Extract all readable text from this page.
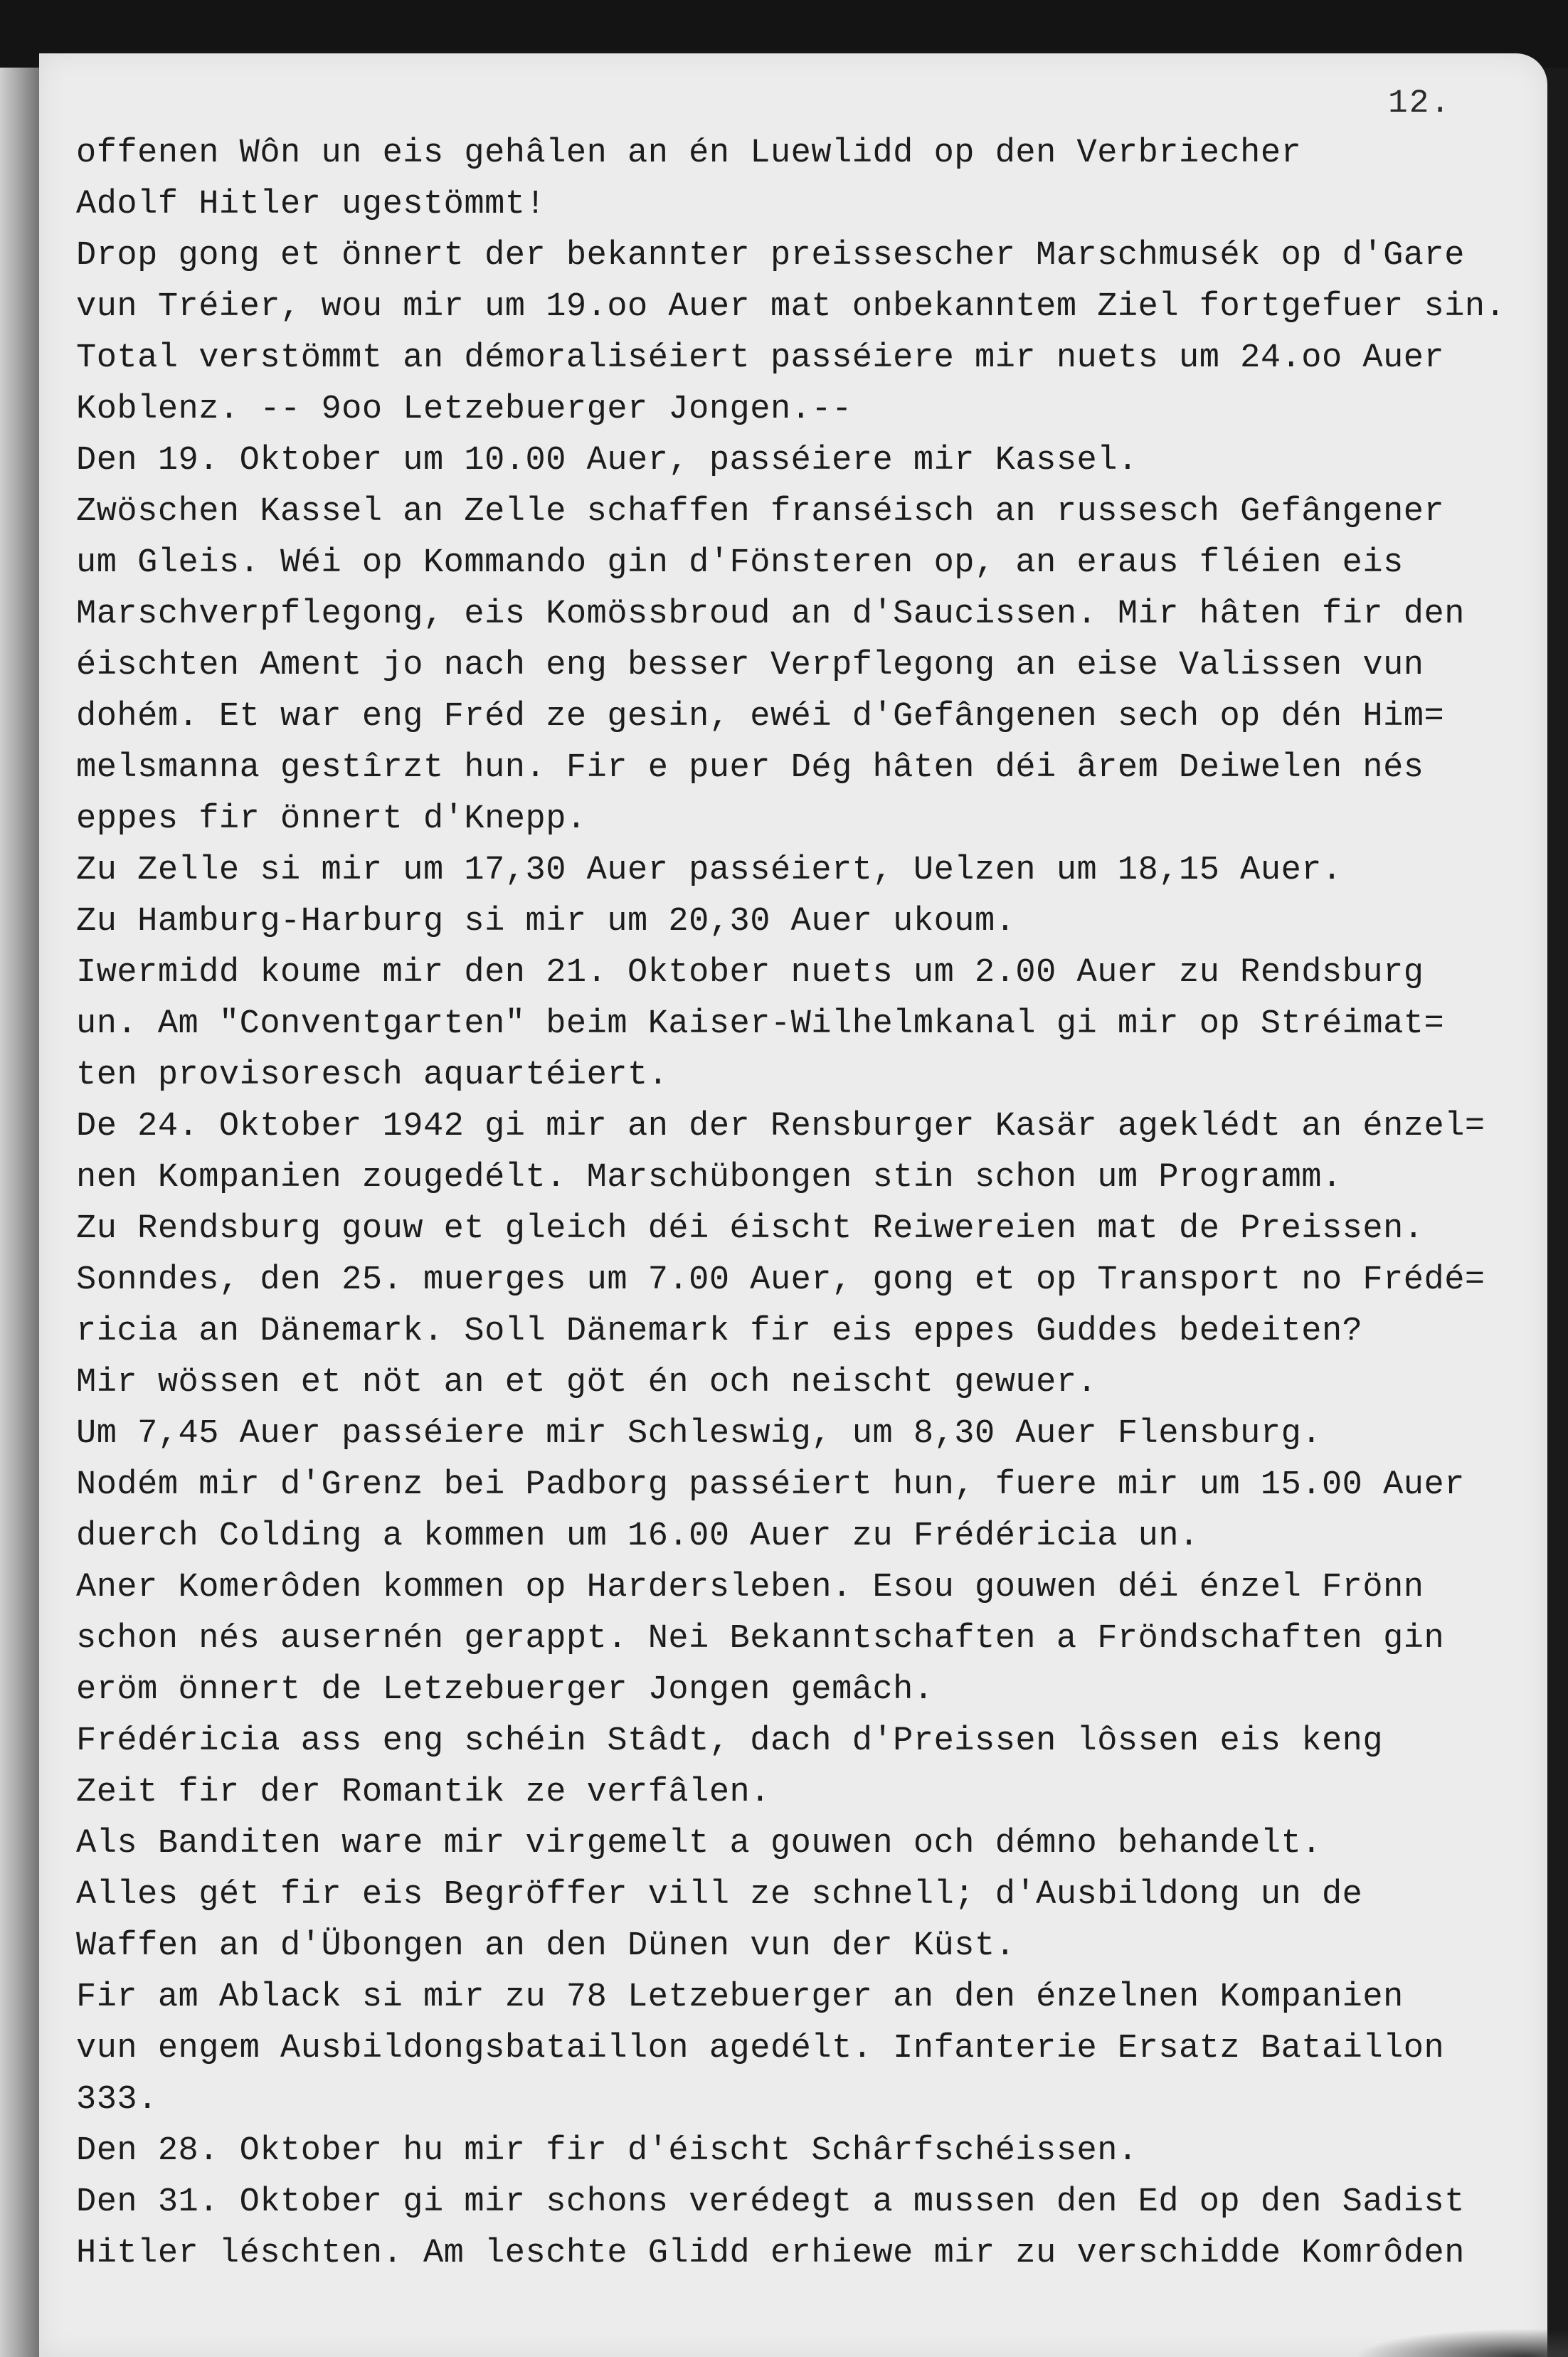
12.
offenen Wôn un eis gehâlen an én Luewlidd op den Verbriecher
Adolf Hitler ugestömmt!
Drop gong et önnert der bekannter preissescher Marschmusék op d'Gare
vun Tréier, wou mir um 19.oo Auer mat onbekanntem Ziel fortgefuer sin.
Total verstömmt an démoraliséiert passéiere mir nuets um 24.oo Auer
Koblenz. -- 9oo Letzebuerger Jongen.--
Den 19. Oktober um 10.00 Auer, passéiere mir Kassel.
Zwöschen Kassel an Zelle schaffen franséisch an russesch Gefângener
um Gleis. Wéi op Kommando gin d'Fönsteren op, an eraus fléien eis
Marschverpflegong, eis Komössbroud an d'Saucissen. Mir hâten fir den
éischten Ament jo nach eng besser Verpflegong an eise Valissen vun
dohém. Et war eng Fréd ze gesin, ewéi d'Gefângenen sech op dén Him=
melsmanna gestîrzt hun. Fir e puer Dég hâten déi ârem Deiwelen nés
eppes fir önnert d'Knepp.
Zu Zelle si mir um 17,30 Auer passéiert, Uelzen um 18,15 Auer.
Zu Hamburg-Harburg si mir um 20,30 Auer ukoum.
Iwermidd koume mir den 21. Oktober nuets um 2.00 Auer zu Rendsburg
un. Am "Conventgarten" beim Kaiser-Wilhelmkanal gi mir op Stréimat=
ten provisoresch aquartéiert.
De 24. Oktober 1942 gi mir an der Rensburger Kasär ageklédt an énzel=
nen Kompanien zougedélt. Marschübongen stin schon um Programm.
Zu Rendsburg gouw et gleich déi éischt Reiwereien mat de Preissen.
Sonndes, den 25. muerges um 7.00 Auer, gong et op Transport no Frédé=
ricia an Dänemark. Soll Dänemark fir eis eppes Guddes bedeiten?
Mir wössen et nöt an et göt én och neischt gewuer.
Um 7,45 Auer passéiere mir Schleswig, um 8,30 Auer Flensburg.
Nodém mir d'Grenz bei Padborg passéiert hun, fuere mir um 15.00 Auer
duerch Colding a kommen um 16.00 Auer zu Frédéricia un.
Aner Komerôden kommen op Hardersleben. Esou gouwen déi énzel Frönn
schon nés ausernén gerappt. Nei Bekanntschaften a Fröndschaften gin
eröm önnert de Letzebuerger Jongen gemâch.
Frédéricia ass eng schéin Stâdt, dach d'Preissen lôssen eis keng
Zeit fir der Romantik ze verfâlen.
Als Banditen ware mir virgemelt a gouwen och démno behandelt.
Alles gét fir eis Begröffer vill ze schnell; d'Ausbildong un de
Waffen an d'Übongen an den Dünen vun der Küst.
Fir am Ablack si mir zu 78 Letzebuerger an den énzelnen Kompanien
vun engem Ausbildongsbataillon agedélt. Infanterie Ersatz Bataillon
333.
Den 28. Oktober hu mir fir d'éischt Schârfschéissen.
Den 31. Oktober gi mir schons verédegt a mussen den Ed op den Sadist
Hitler léschten. Am leschte Glidd erhiewe mir zu verschidde Komrôden
